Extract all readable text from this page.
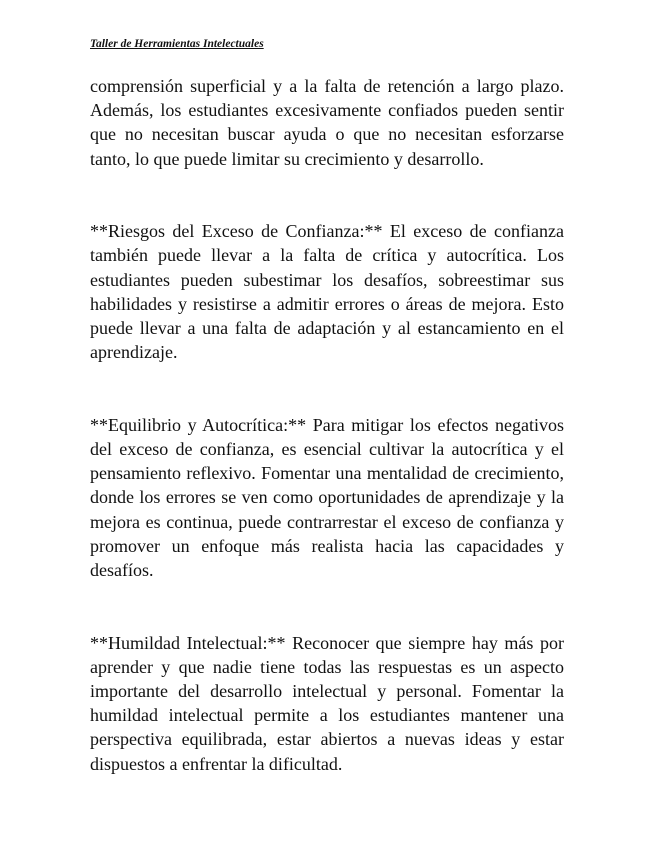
Taller de Herramientas Intelectuales

comprensión superficial y a la falta de retención a largo plazo. Además, los estudiantes excesivamente confiados pueden sentir que no necesitan buscar ayuda o que no necesitan esforzarse tanto, lo que puede limitar su crecimiento y desarrollo.

**Riesgos del Exceso de Confianza:** El exceso de confianza también puede llevar a la falta de crítica y autocrítica. Los estudiantes pueden subestimar los desafíos, sobreestimar sus habilidades y resistirse a admitir errores o áreas de mejora. Esto puede llevar a una falta de adaptación y al estancamiento en el aprendizaje.

**Equilibrio y Autocrítica:** Para mitigar los efectos negativos del exceso de confianza, es esencial cultivar la autocrítica y el pensamiento reflexivo. Fomentar una mentalidad de crecimiento, donde los errores se ven como oportunidades de aprendizaje y la mejora es continua, puede contrarrestar el exceso de confianza y promover un enfoque más realista hacia las capacidades y desafíos.

**Humildad Intelectual:** Reconocer que siempre hay más por aprender y que nadie tiene todas las respuestas es un aspecto importante del desarrollo intelectual y personal. Fomentar la humildad intelectual permite a los estudiantes mantener una perspectiva equilibrada, estar abiertos a nuevas ideas y estar dispuestos a enfrentar la dificultad.
